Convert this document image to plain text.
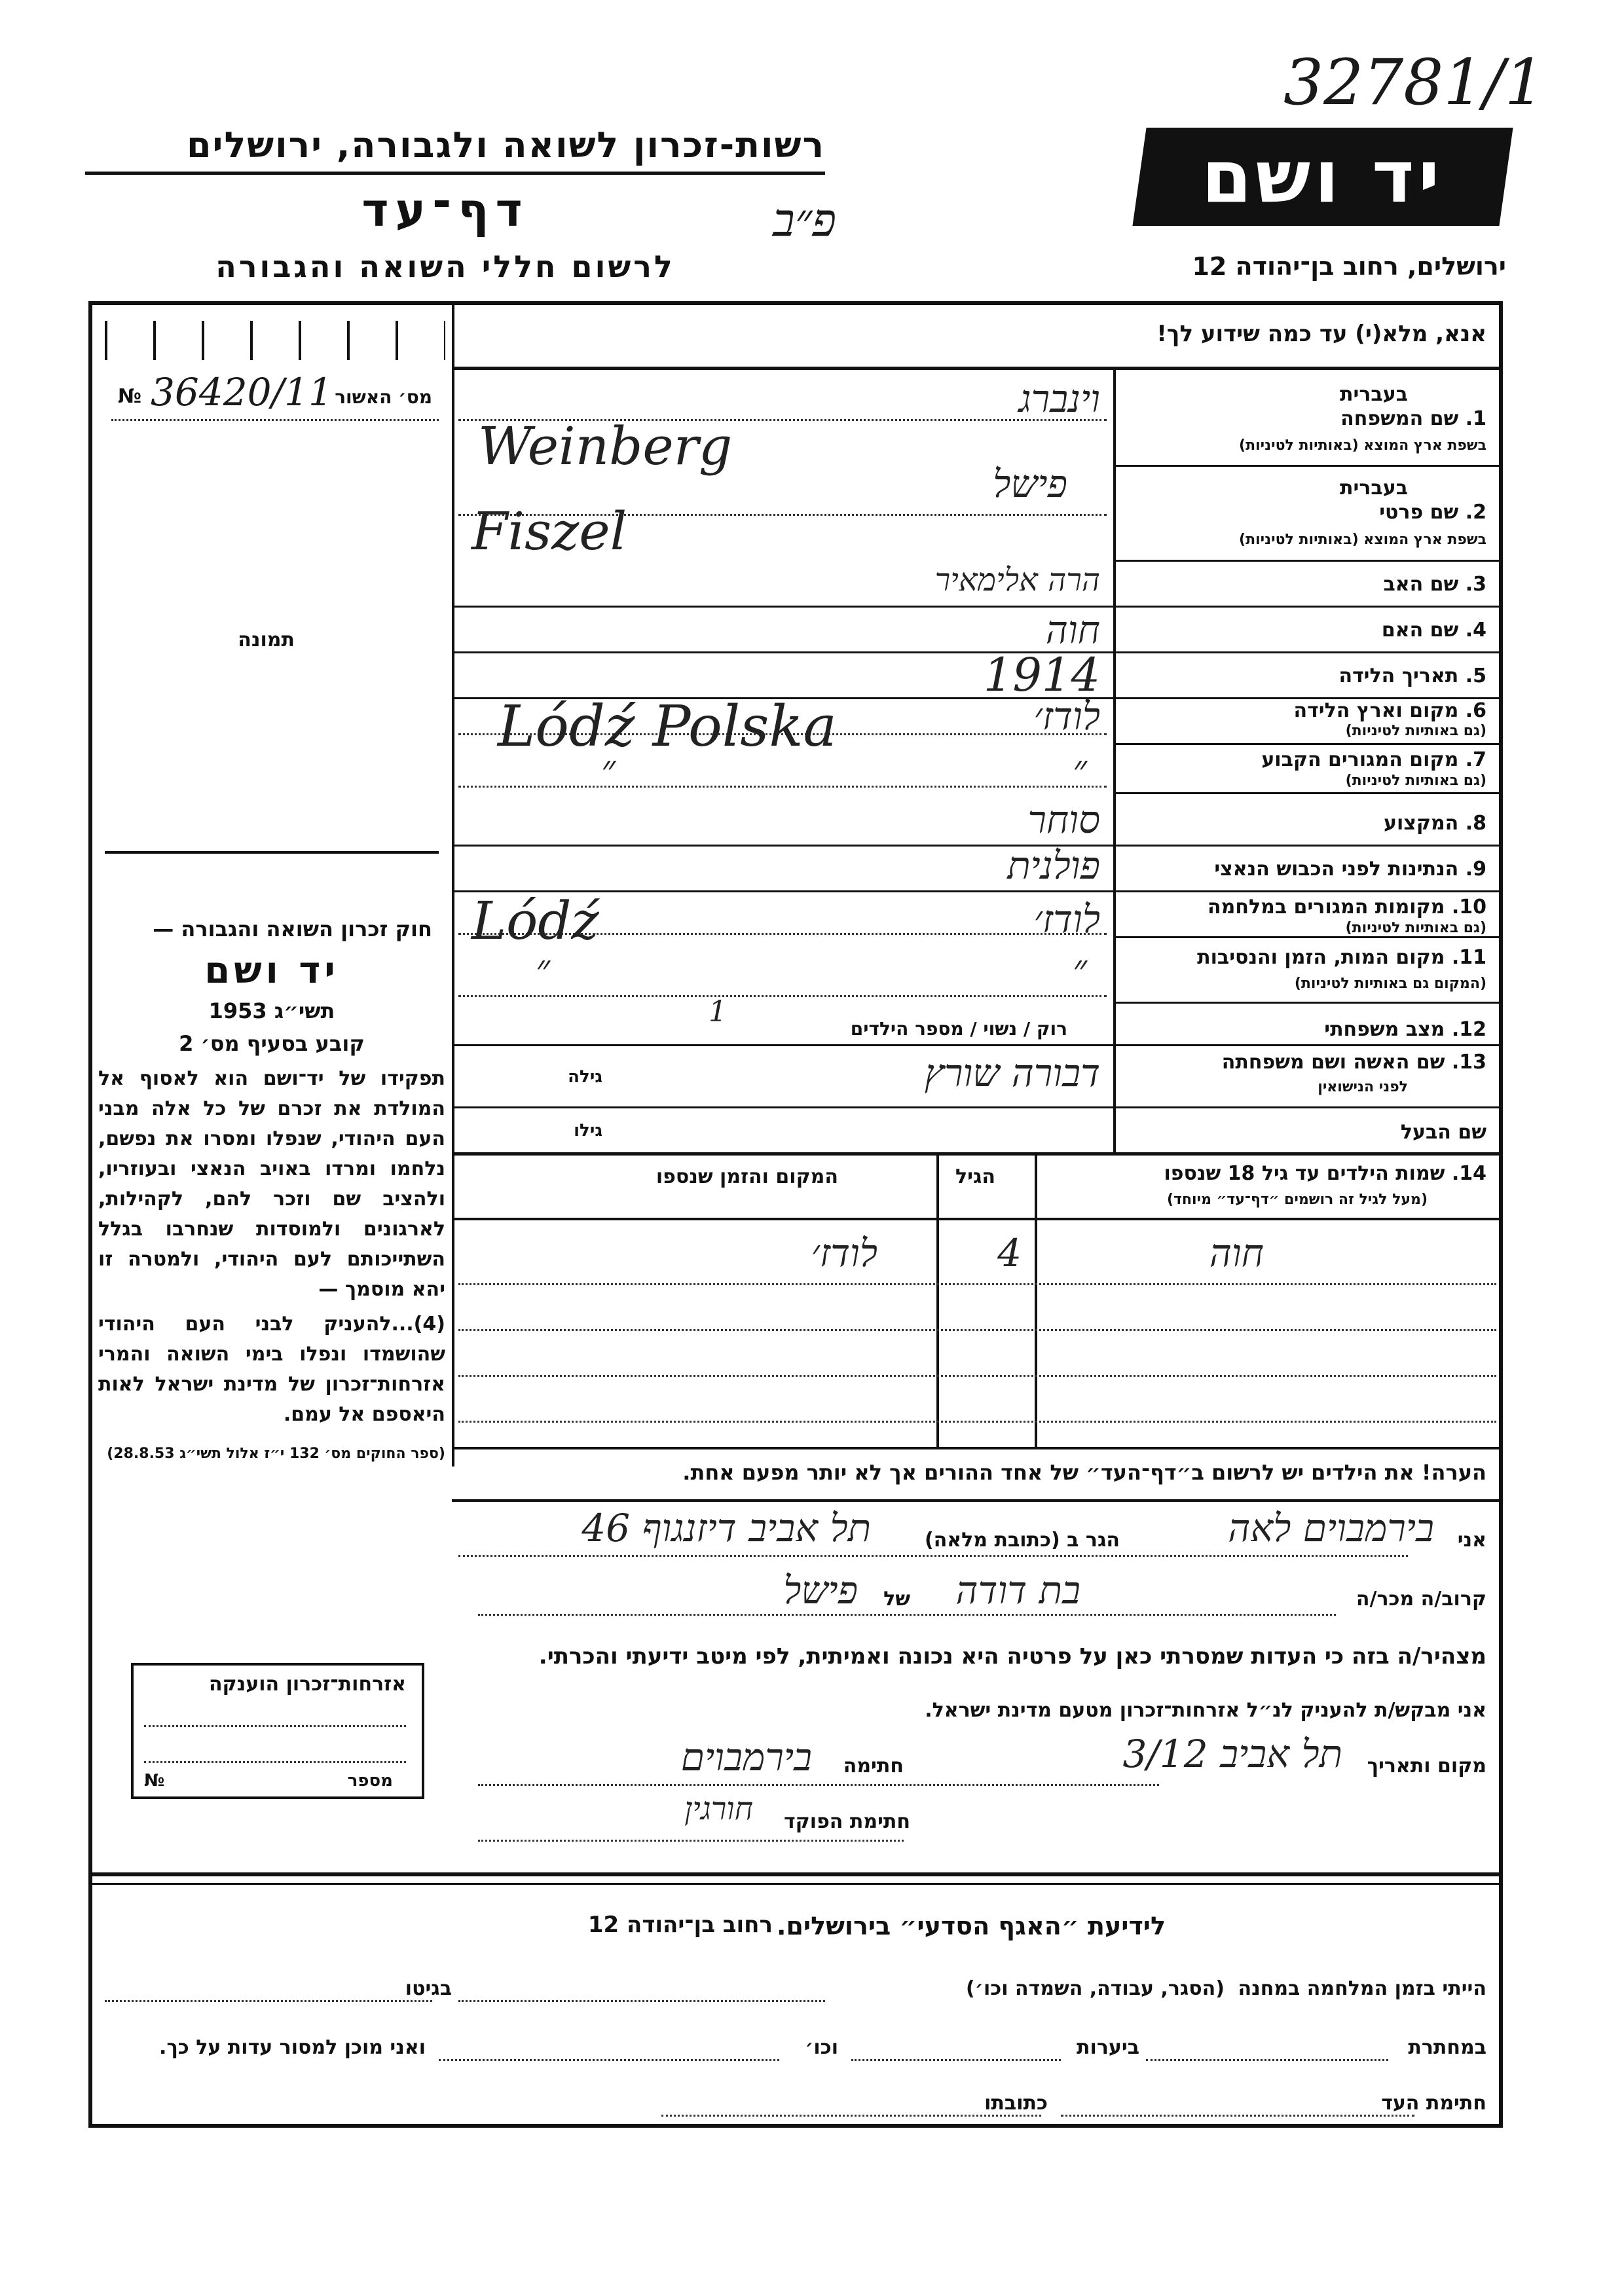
רשות-זכרון לשואה ולגבורה, ירושלים
דף־עד	פ״ב
לרשום חללי השואה והגבורה
32781/1
יד ושם
ירושלים, רחוב בן־יהודה 12
אנא, מלא(י) עד כמה שידוע לך!
№ 36420/11 מס׳ האשור
תמונה
חוק זכרון השואה והגבורה —
יד ושם
תשי״ג 1953
קובע בסעיף מס׳ 2
תפקידו של יד־ושם הוא לאסוף אל המולדת את זכרם של כל אלה מבני העם היהודי, שנפלו ומסרו את נפשם, נלחמו ומרדו באויב הנאצי ובעוזריו, ולהציב שם וזכר להם, לקהילות, לארגונים ולמוסדות שנחרבו בגלל השתייכותם לעם היהודי, ולמטרה זו יהא מוסמך —
(4)...להעניק לבני העם היהודי שהושמדו ונפלו בימי השואה והמרי אזרחות־זכרון של מדינת ישראל לאות היאספם אל עמם.
(ספר החוקים מס׳ 132 י״ז אלול תשי״ג 28.8.53)
בעברית
1. שם המשפחה
בשפת ארץ המוצא (באותיות לטיניות)
וינברג
Weinberg
בעברית
2. שם פרטי
בשפת ארץ המוצא (באותיות לטיניות)
פישל
Fiszel
3. שם האב
הרה אלימאיר
4. שם האם
חוה
5. תאריך הלידה
1914
6. מקום וארץ הלידה
(גם באותיות לטיניות)
לודז׳
Lódź Polska
7. מקום המגורים הקבוע
(גם באותיות לטיניות)
״
״
8. המקצוע
סוחר
9. הנתינות לפני הכבוש הנאצי
פולנית
10. מקומות המגורים במלחמה
(גם באותיות לטיניות)
לודז׳
Lódź
11. מקום המות, הזמן והנסיבות
(המקום גם באותיות לטיניות)
״
״
12. מצב משפחתי
רוק / נשוי / מספר הילדים
1
13. שם האשה ושם משפחתה
לפני הנישואין
דבורה שורץ
גילה
שם הבעל
גילו
14. שמות הילדים עד גיל 18 שנספו
(מעל לגיל זה רושמים ״דף־עד״ מיוחד)
הגיל
המקום והזמן שנספו
חוה
4
לודז׳
הערה! את הילדים יש לרשום ב״דף־העד״ של אחד ההורים אך לא יותר מפעם אחת.
אני
בירמבוים לאה
הגר ב (כתובת מלאה)
תל אביב דיזנגוף 46
קרוב/ה מכר/ה
בת דודה
של
פישל
מצהיר/ה בזה כי העדות שמסרתי כאן על פרטיה היא נכונה ואמיתית, לפי מיטב ידיעתי והכרתי.
אני מבקש/ת להעניק לנ״ל אזרחות־זכרון מטעם מדינת ישראל.
מקום ותאריך
תל אביב 3/12
חתימה
בירמבוים
חתימת הפוקד
חורגין
אזרחות־זכרון הוענקה
מספר
№
לידיעת ״האגף הסדעי״ בירושלים.
רחוב בן־יהודה 12
הייתי בזמן המלחמה במחנה
(הסגר, עבודה, השמדה וכו׳)
בגיטו
במחתרת
ביערות
וכו׳
ואני מוכן למסור עדות על כך.
חתימת העד
כתובתו
